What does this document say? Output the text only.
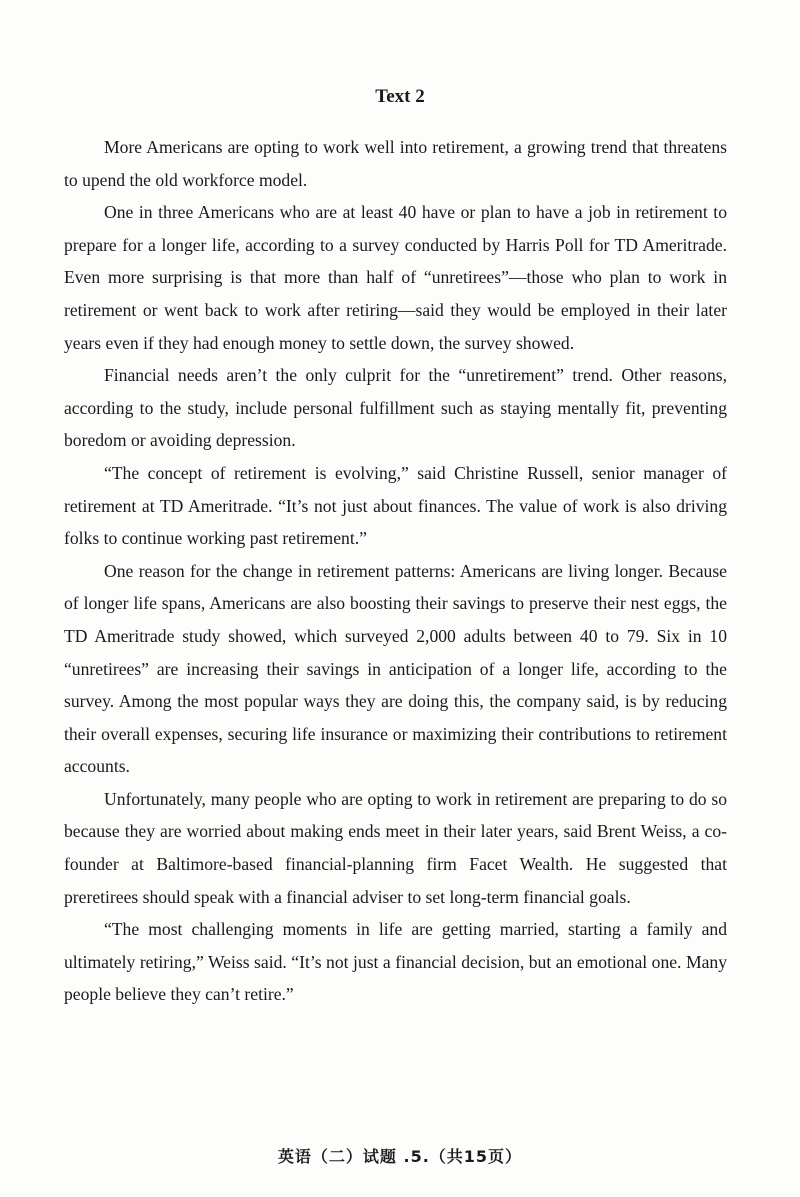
Text 2

More Americans are opting to work well into retirement, a growing trend that threatens to upend the old workforce model.

One in three Americans who are at least 40 have or plan to have a job in retirement to prepare for a longer life, according to a survey conducted by Harris Poll for TD Ameritrade. Even more surprising is that more than half of “unretirees”—those who plan to work in retirement or went back to work after retiring—said they would be employed in their later years even if they had enough money to settle down, the survey showed.

Financial needs aren’t the only culprit for the “unretirement” trend. Other reasons, according to the study, include personal fulfillment such as staying mentally fit, preventing boredom or avoiding depression.

“The concept of retirement is evolving,” said Christine Russell, senior manager of retirement at TD Ameritrade. “It’s not just about finances. The value of work is also driving folks to continue working past retirement.”

One reason for the change in retirement patterns: Americans are living longer. Because of longer life spans, Americans are also boosting their savings to preserve their nest eggs, the TD Ameritrade study showed, which surveyed 2,000 adults between 40 to 79. Six in 10 “unretirees” are increasing their savings in anticipation of a longer life, according to the survey. Among the most popular ways they are doing this, the company said, is by reducing their overall expenses, securing life insurance or maximizing their contributions to retirement accounts.

Unfortunately, many people who are opting to work in retirement are preparing to do so because they are worried about making ends meet in their later years, said Brent Weiss, a co-founder at Baltimore-based financial-planning firm Facet Wealth. He suggested that preretirees should speak with a financial adviser to set long-term financial goals.

“The most challenging moments in life are getting married, starting a family and ultimately retiring,” Weiss said. “It’s not just a financial decision, but an emotional one. Many people believe they can’t retire.”

英语（二）试题 .5.（共15页）
